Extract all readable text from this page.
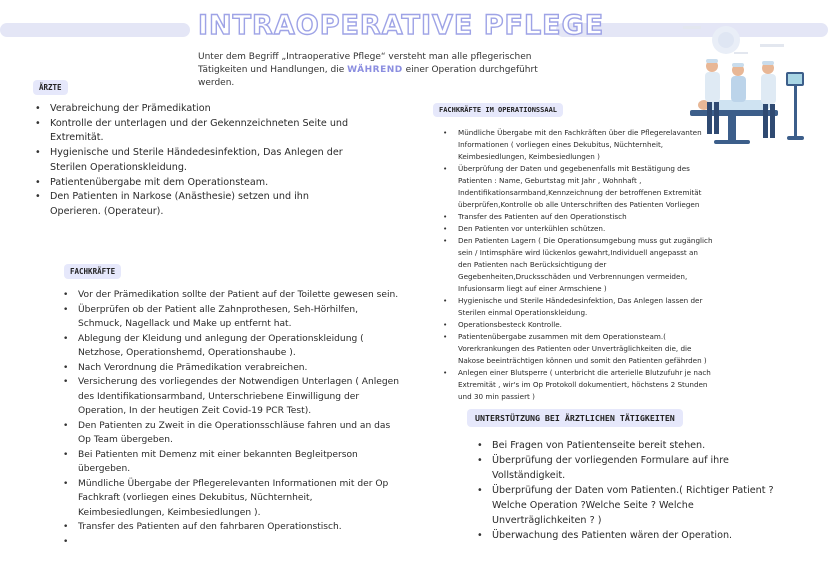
INTRAOPERATIVE PFLEGE
Unter dem Begriff „Intraoperative Pflege“ versteht man alle pflegerischen Tätigkeiten und Handlungen, die WÄHREND einer Operation durchgeführt werden.
ÄRZTE
• Verabreichung der Prämedikation
• Kontrolle der unterlagen und der Gekennzeichneten Seite und Extremität.
• Hygienische und Sterile Händedesinfektion, Das Anlegen der Sterilen Operationskleidung.
• Patientenübergabe mit dem Operationsteam.
• Den Patienten in Narkose (Anästhesie) setzen und ihn Operieren. (Operateur).
FACHKRÄFTE
• Vor der Prämedikation sollte der Patient auf der Toilette gewesen sein.
• Überprüfen ob der Patient alle Zahnprothesen, Seh-Hörhilfen, Schmuck, Nagellack und Make up entfernt hat.
• Ablegung der Kleidung und anlegung der Operationskleidung ( Netzhose, Operationshemd, Operationshaube ).
• Nach Verordnung die Prämedikation verabreichen.
• Versicherung des vorliegendes der Notwendigen Unterlagen ( Anlegen des Identifikationsarmband, Unterschriebene Einwilligung der Operation, In der heutigen Zeit Covid-19 PCR Test).
• Den Patienten zu Zweit in die Operationsschläuse fahren und an das Op Team übergeben.
• Bei Patienten mit Demenz mit einer bekannten Begleitperson übergeben.
• Mündliche Übergabe der Pflegerelevanten Informationen mit der Op Fachkraft (vorliegen eines Dekubitus, Nüchternheit, Keimbesiedlungen, Keimbesiedlungen ).
• Transfer des Patienten auf den fahrbaren Operationstisch.
•
FACHKRÄFTE IM OPERATIONSSAAL
• Mündliche Übergabe mit den Fachkräften über die Pflegerelavanten Informationen ( vorliegen eines Dekubitus, Nüchternheit, Keimbesiedlungen, Keimbesiedlungen )
• Überprüfung der Daten und gegebenenfalls mit Bestätigung des Patienten : Name, Geburtstag mit Jahr , Wohnhaft , Indentifikationsarmband,Kennzeichnung der betroffenen Extremität überprüfen,Kontrolle ob alle Unterschriften des Patienten Vorliegen
• Transfer des Patienten auf den Operationstisch
• Den Patienten vor unterkühlen schützen.
• Den Patienten Lagern ( Die Operationsumgebung muss gut zugänglich sein / Intimsphäre wird lückenlos gewahrt,Individuell angepasst an den Patienten nach Berücksichtigung der Gegebenheiten,Drucksschäden und Verbrennungen vermeiden, Infusionsarm liegt auf einer Armschiene )
• Hygienische und Sterile Händedesinfektion, Das Anlegen lassen der Sterilen einmal Operationskleidung.
• Operationsbesteck Kontrolle.
• Patientenübergabe zusammen mit dem Operationsteam.( Vorerkrankungen des Patienten oder Unverträglichkeiten die, die Nakose beeinträchtigen können und somit den Patienten gefährden )
• Anlegen einer Blutsperre ( unterbricht die arterielle Blutzufuhr je nach Extremität , wir's im Op Protokoll dokumentiert, höchstens 2 Stunden und 30 min passiert )
UNTERSTÜTZUNG BEI ÄRZTLICHEN TÄTIGKEITEN
• Bei Fragen von Patientenseite bereit stehen.
• Überprüfung der vorliegenden Formulare auf ihre Vollständigkeit.
• Überprüfung der Daten vom Patienten.( Richtiger Patient ? Welche Operation ?Welche Seite ? Welche Unverträglichkeiten ? )
• Überwachung des Patienten wären der Operation.
